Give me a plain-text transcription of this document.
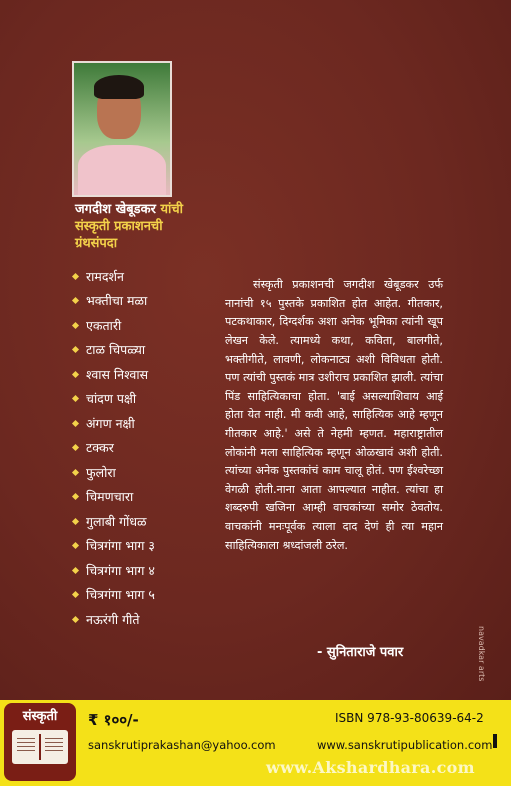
जगदीश खेबूडकर यांची
संस्कृती प्रकाशनची
ग्रंथसंपदा
रामदर्शन
भक्तीचा मळा
एकतारी
टाळ चिपळ्या
श्वास निश्वास
चांदण पक्षी
अंगण नक्षी
टक्कर
फुलोरा
चिमणचारा
गुलाबी गोंधळ
चित्रगंगा भाग ३
चित्रगंगा भाग ४
चित्रगंगा भाग ५
नऊरंगी गीते

संस्कृती प्रकाशनची जगदीश खेबूडकर उर्फ नानांची १५ पुस्तके प्रकाशित होत आहेत. गीतकार, पटकथाकार, दिग्दर्शक अशा अनेक भूमिका त्यांनी खूप लेखन केले. त्यामध्ये कथा, कविता, बालगीते, भक्तीगीते, लावणी, लोकनाट्य अशी विविधता होती. पण त्यांची पुस्तकं मात्र उशीराच प्रकाशित झाली. त्यांचा पिंड साहित्यिकाचा होता. 'बाई असल्याशिवाय आई होता येत नाही. मी कवी आहे, साहित्यिक आहे म्हणून गीतकार आहे.' असे ते नेहमी म्हणत. महाराष्ट्रातील लोकांनी मला साहित्यिक म्हणून ओळखावं अशी होती. त्यांच्या अनेक पुस्तकांचं काम चालू होतं. पण ईश्वरेच्छा वेगळी होती.नाना आता आपल्यात नाहीत. त्यांचा हा शब्दरुपी खजिना आम्ही वाचकांच्या समोर ठेवतोय. वाचकांनी मनःपूर्वक त्याला दाद देणं ही त्या महान साहित्यिकाला श्रध्दांजली ठरेल.

- सुनिताराजे पवार	navadkar arts
संस्कृती ₹ १००/-	ISBN 978-93-80639-64-2
sanskrutiprakashan@yahoo.com	www.sanskrutipublication.com
www.Akshardhara.com
